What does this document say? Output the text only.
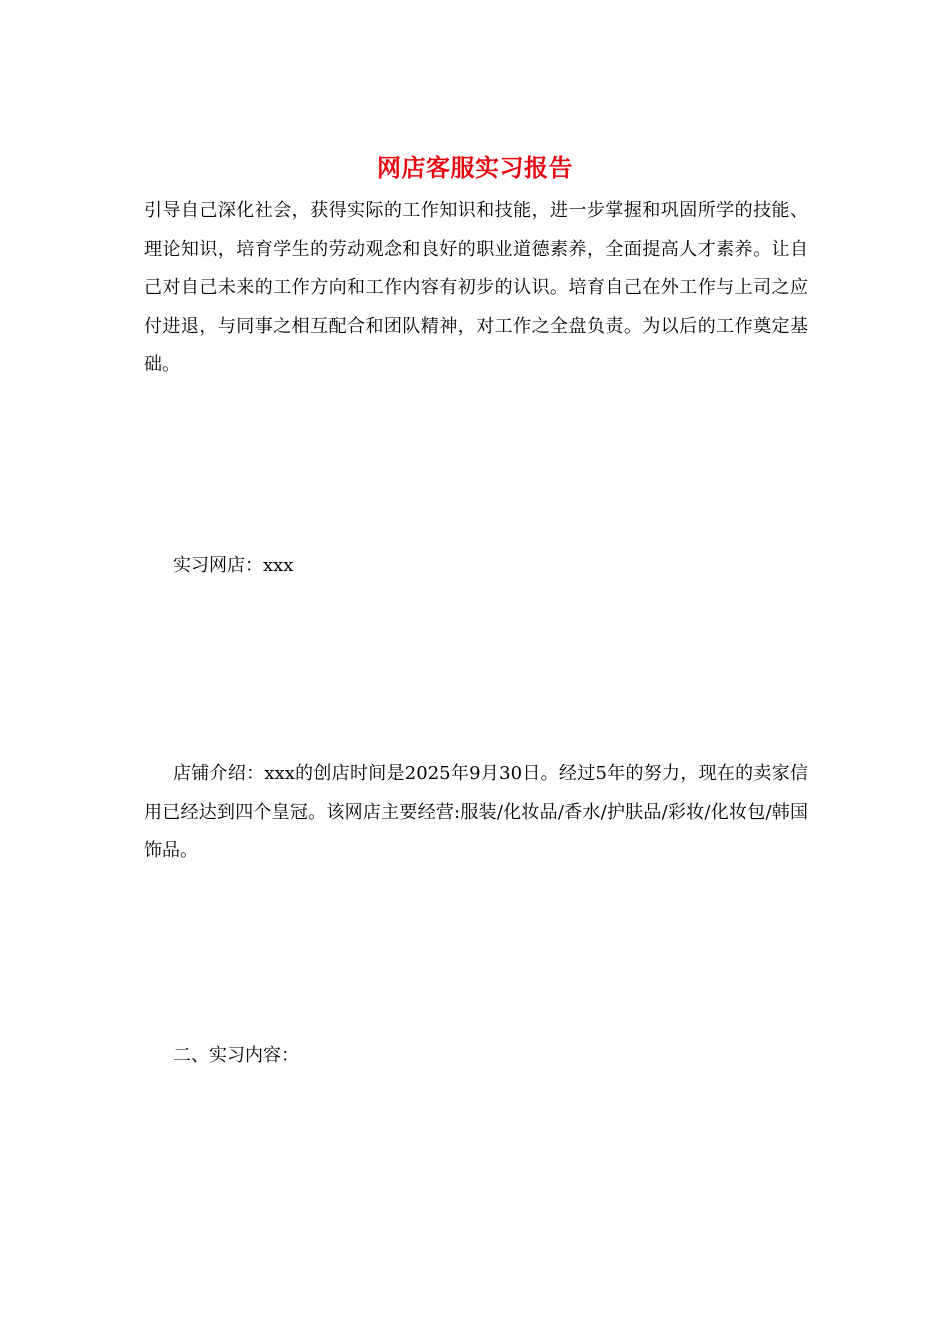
网店客服实习报告

引导自己深化社会，获得实际的工作知识和技能，进一步掌握和巩固所学的技能、理论知识，培育学生的劳动观念和良好的职业道德素养，全面提高人才素养。让自己对自己未来的工作方向和工作内容有初步的认识。培育自己在外工作与上司之应付进退，与同事之相互配合和团队精神，对工作之全盘负责。为以后的工作奠定基础。

实习网店：xxx

店铺介绍：xxx的创店时间是2025年9月30日。经过5年的努力，现在的卖家信用已经达到四个皇冠。该网店主要经营:服装/化妆品/香水/护肤品/彩妆/化妆包/韩国饰品。

二、实习内容：
